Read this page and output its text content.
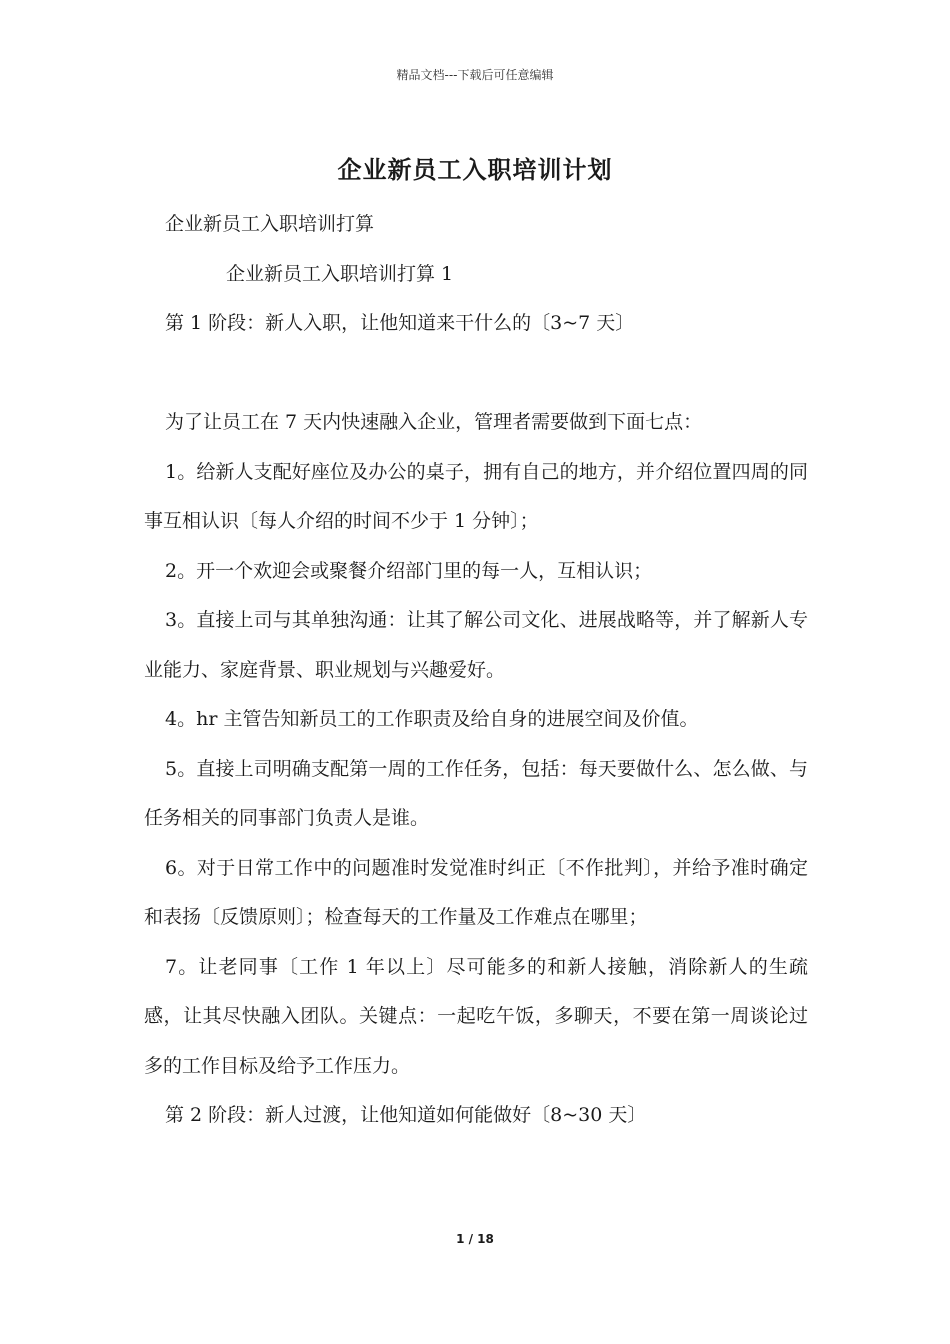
精品文档---下载后可任意编辑
企业新员工入职培训计划

企业新员工入职培训打算

企业新员工入职培训打算 1

第 1 阶段：新人入职，让他知道来干什么的〔3~7 天〕

为了让员工在 7 天内快速融入企业，管理者需要做到下面七点：

1。给新人支配好座位及办公的桌子，拥有自己的地方，并介绍位置四周的同事互相认识〔每人介绍的时间不少于 1 分钟〕；

2。开一个欢迎会或聚餐介绍部门里的每一人，互相认识；

3。直接上司与其单独沟通：让其了解公司文化、进展战略等，并了解新人专业能力、家庭背景、职业规划与兴趣爱好。

4。hr 主管告知新员工的工作职责及给自身的进展空间及价值。

5。直接上司明确支配第一周的工作任务，包括：每天要做什么、怎么做、与任务相关的同事部门负责人是谁。

6。对于日常工作中的问题准时发觉准时纠正〔不作批判〕，并给予准时确定和表扬〔反馈原则〕；检查每天的工作量及工作难点在哪里；

7。让老同事〔工作 1 年以上〕尽可能多的和新人接触，消除新人的生疏感，让其尽快融入团队。关键点：一起吃午饭，多聊天，不要在第一周谈论过多的工作目标及给予工作压力。

第 2 阶段：新人过渡，让他知道如何能做好〔8~30 天〕

1 / 18
